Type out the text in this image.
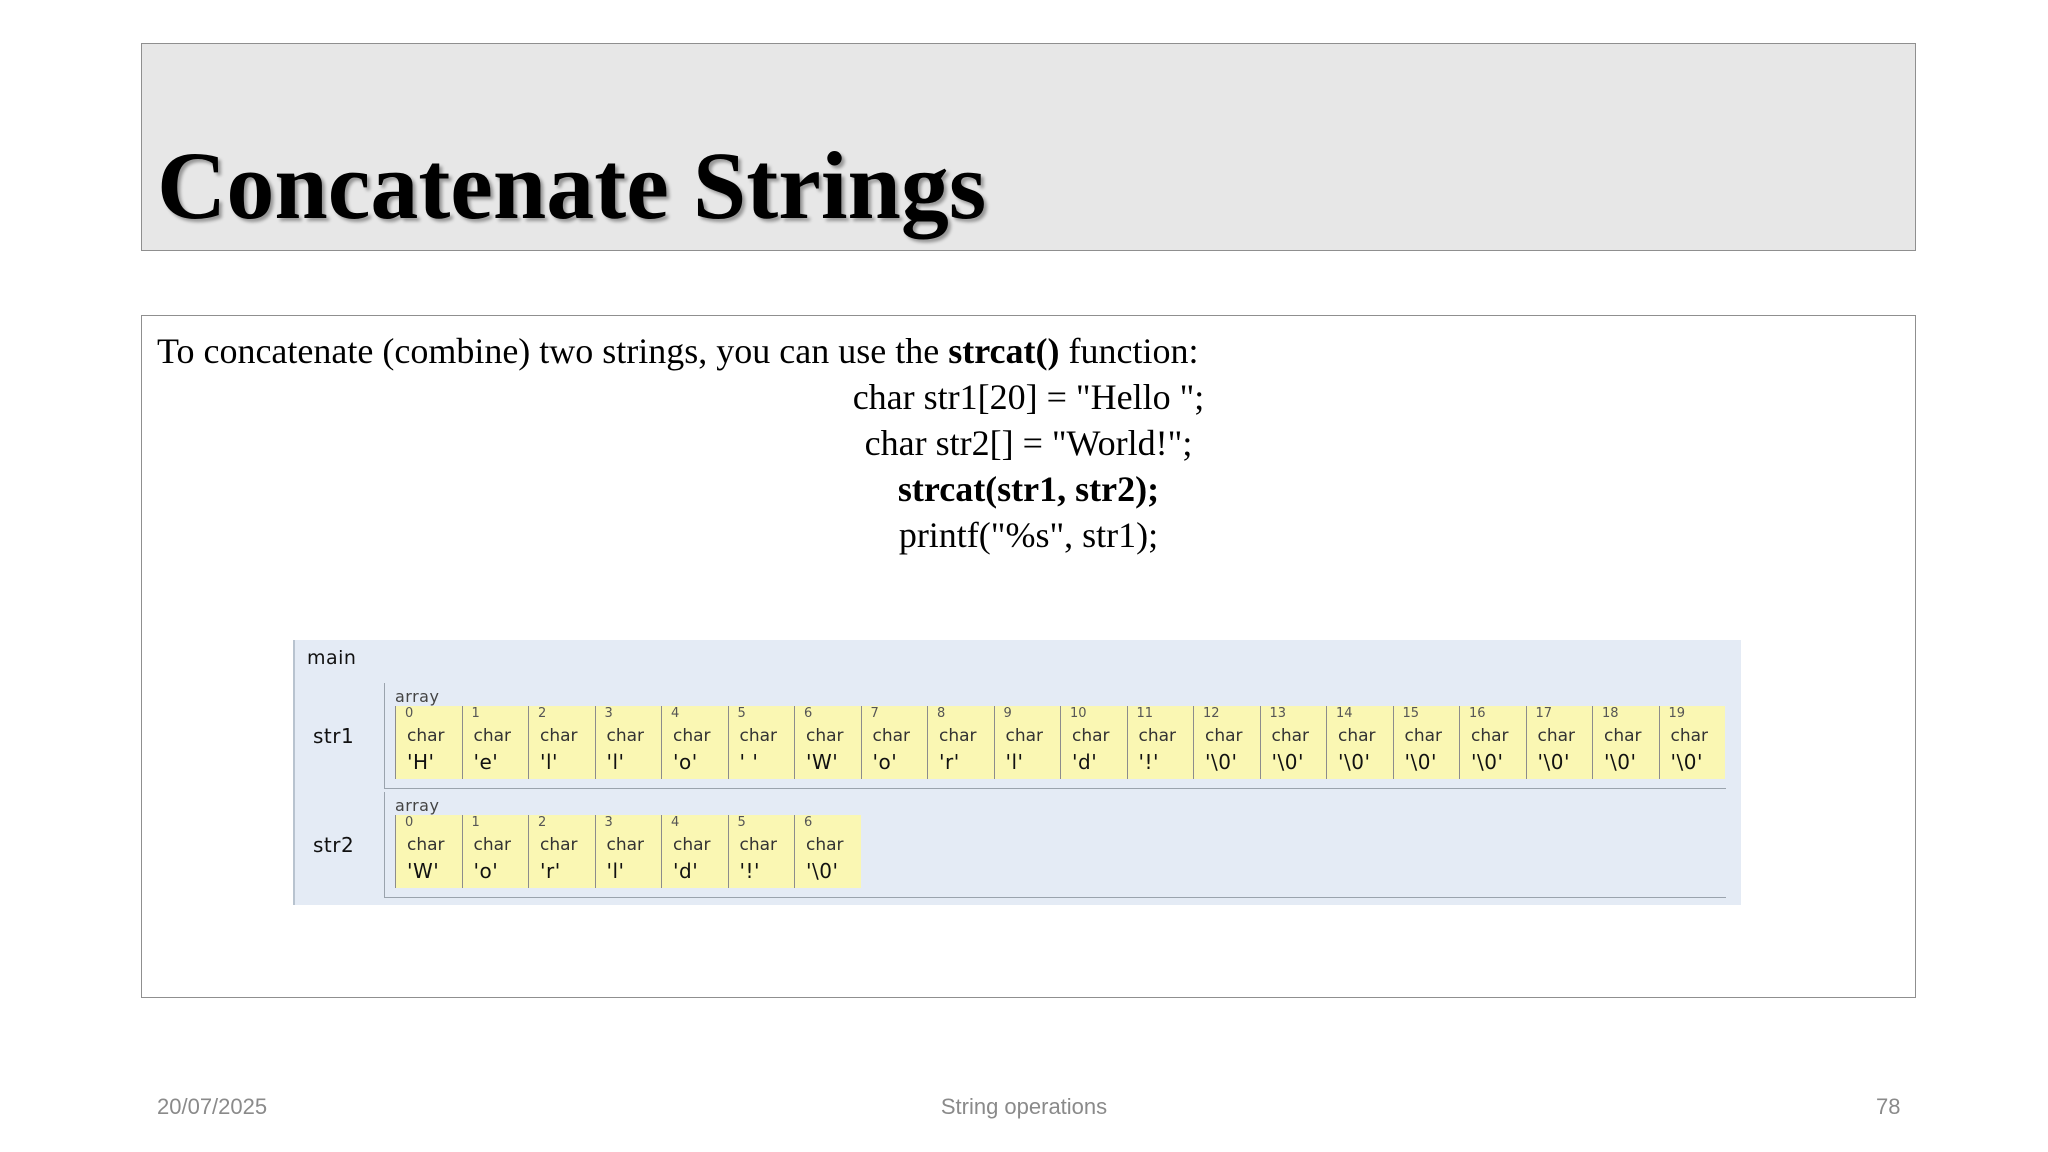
Concatenate Strings

To concatenate (combine) two strings, you can use the strcat() function:

char str1[20] = "Hello ";
char str2[] = "World!";
strcat(str1, str2);
printf("%s", str1);
main
str1
array
0
char
'H'
1
char
'e'
2
char
'l'
3
char
'l'
4
char
'o'
5
char
' '
6
char
'W'
7
char
'o'
8
char
'r'
9
char
'l'
10
char
'd'
11
char
'!'
12
char
'\0'
13
char
'\0'
14
char
'\0'
15
char
'\0'
16
char
'\0'
17
char
'\0'
18
char
'\0'
19
char
'\0'
str2
array
0
char
'W'
1
char
'o'
2
char
'r'
3
char
'l'
4
char
'd'
5
char
'!'
6
char
'\0'
20/07/2025	String operations	78
